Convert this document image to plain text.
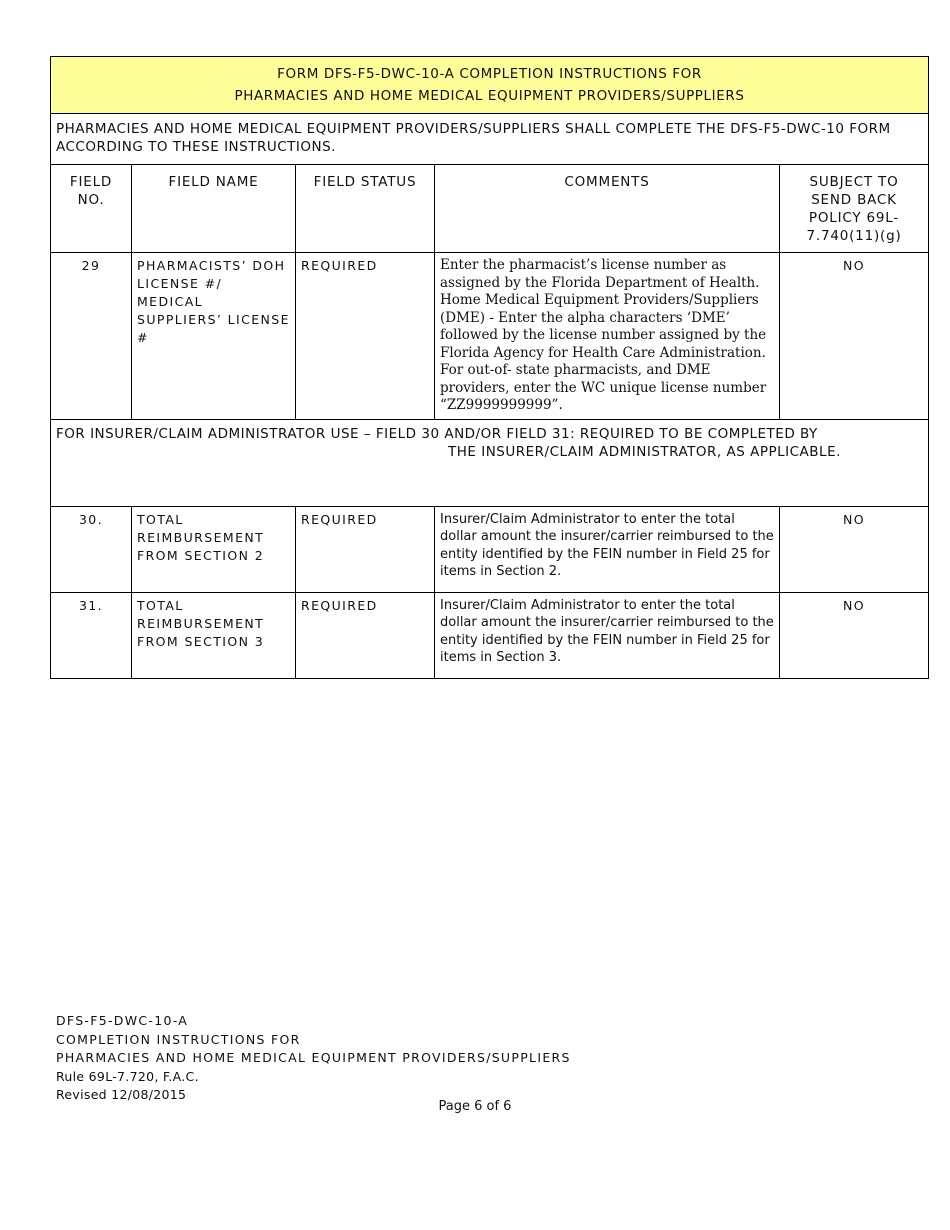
FORM DFS-F5-DWC-10-A COMPLETION INSTRUCTIONS FOR
PHARMACIES AND HOME MEDICAL EQUIPMENT PROVIDERS/SUPPLIERS				

PHARMACIES AND HOME MEDICAL EQUIPMENT PROVIDERS/SUPPLIERS SHALL COMPLETE THE DFS-F5-DWC-10 FORM ACCORDING TO THESE INSTRUCTIONS.				
FIELD NO.	FIELD NAME	FIELD STATUS	COMMENTS	SUBJECT TO SEND BACK POLICY 69L-7.740(11)(g)
29	PHARMACISTS’ DOH LICENSE #/ MEDICAL SUPPLIERS’ LICENSE #	REQUIRED	Enter the pharmacist’s license number as assigned by the Florida Department of Health. Home Medical Equipment Providers/Suppliers (DME) - Enter the alpha characters ‘DME’ followed by the license number assigned by the Florida Agency for Health Care Administration. For out-of- state pharmacists, and DME providers, enter the WC unique license number “ZZ9999999999”.	NO

FOR INSURER/CLAIM ADMINISTRATOR USE – FIELD 30 AND/OR FIELD 31: REQUIRED TO BE COMPLETED BY
THE INSURER/CLAIM ADMINISTRATOR, AS APPLICABLE.				

30.	TOTAL REIMBURSEMENT FROM SECTION 2	REQUIRED	Insurer/Claim Administrator to enter the total dollar amount the insurer/carrier reimbursed to the entity identified by the FEIN number in Field 25 for items in Section 2.	NO
31.	TOTAL REIMBURSEMENT FROM SECTION 3	REQUIRED	Insurer/Claim Administrator to enter the total dollar amount the insurer/carrier reimbursed to the entity identified by the FEIN number in Field 25 for items in Section 3.	NO
DFS-F5-DWC-10-A
COMPLETION INSTRUCTIONS FOR
PHARMACIES AND HOME MEDICAL EQUIPMENT PROVIDERS/SUPPLIERS
Rule 69L-7.720, F.A.C.
Revised 12/08/2015
Page 6 of 6
